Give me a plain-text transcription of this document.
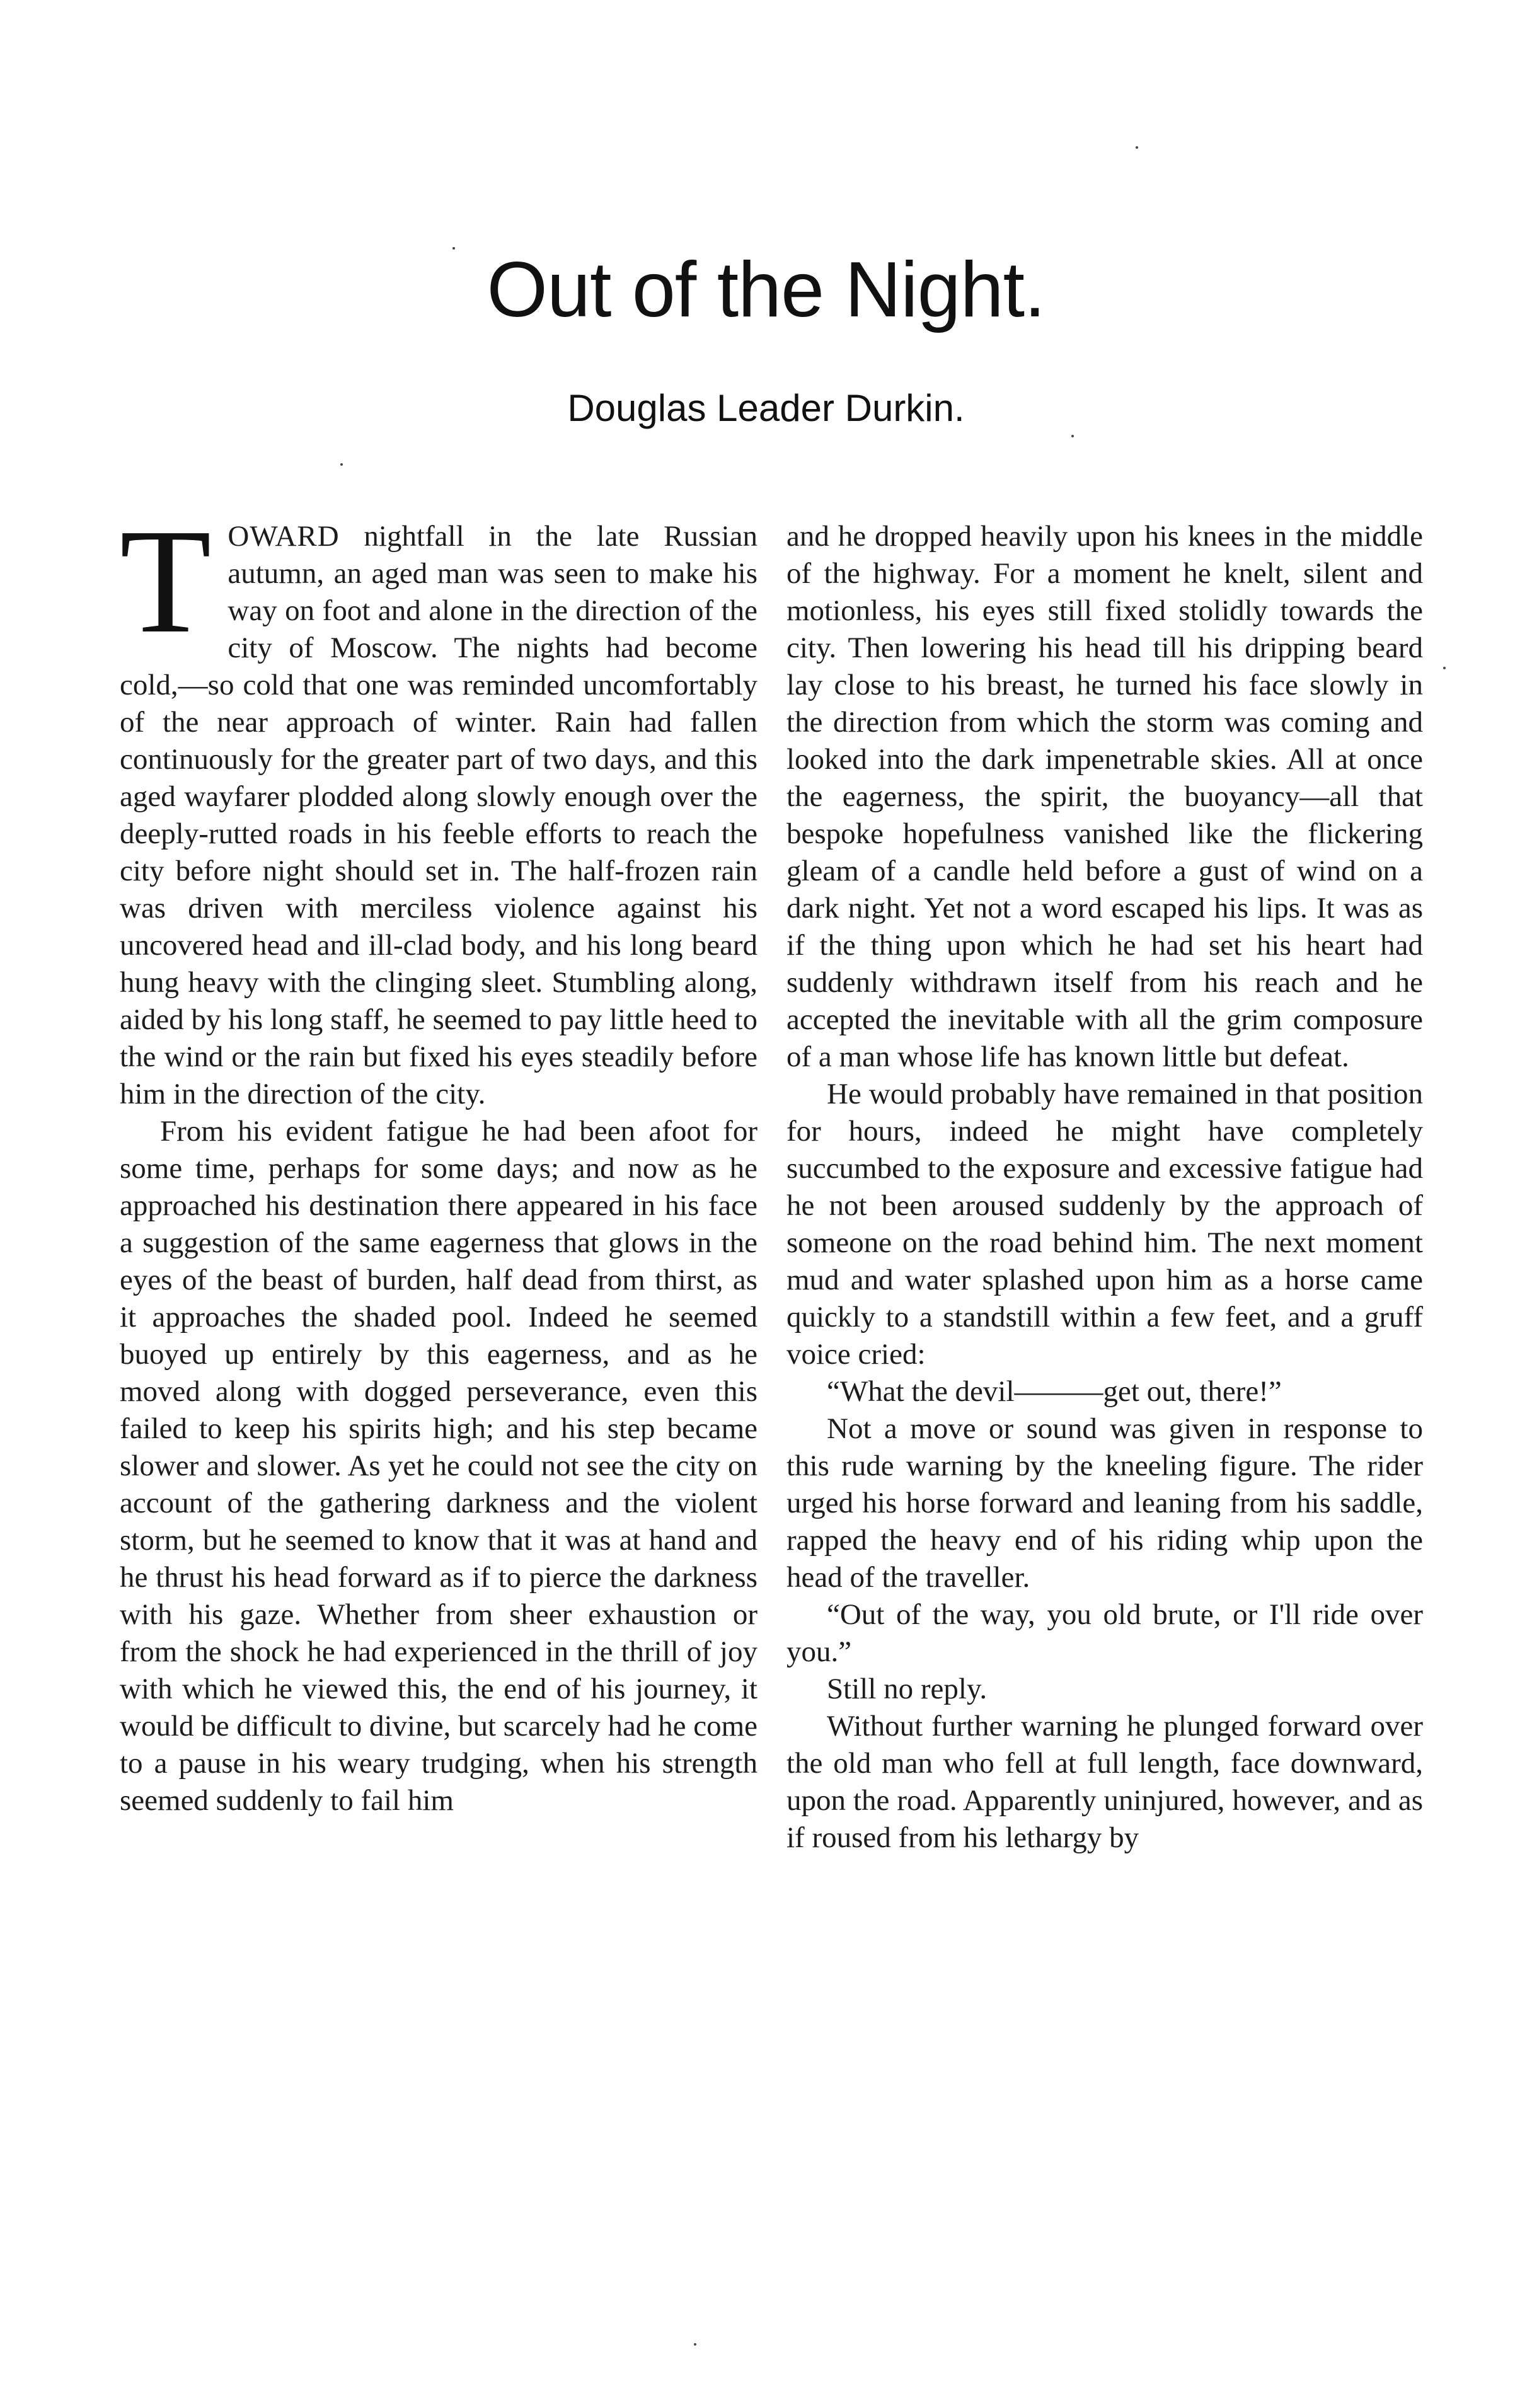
Out of the Night.
Douglas Leader Durkin.

TOWARD nightfall in the late Russian autumn, an aged man was seen to make his way on foot and alone in the direction of the city of Moscow. The nights had become cold,—so cold that one was reminded uncomfortably of the near approach of winter. Rain had fallen continuously for the greater part of two days, and this aged wayfarer plodded along slowly enough over the deeply-rutted roads in his feeble efforts to reach the city before night should set in. The half-frozen rain was driven with merciless violence against his uncovered head and ill-clad body, and his long beard hung heavy with the clinging sleet. Stumbling along, aided by his long staff, he seemed to pay little heed to the wind or the rain but fixed his eyes steadily before him in the direction of the city.

From his evident fatigue he had been afoot for some time, perhaps for some days; and now as he approached his destination there appeared in his face a suggestion of the same eagerness that glows in the eyes of the beast of burden, half dead from thirst, as it approaches the shaded pool. Indeed he seemed buoyed up entirely by this eagerness, and as he moved along with dogged perseverance, even this failed to keep his spirits high; and his step became slower and slower. As yet he could not see the city on account of the gathering darkness and the violent storm, but he seemed to know that it was at hand and he thrust his head forward as if to pierce the darkness with his gaze. Whether from sheer exhaustion or from the shock he had experienced in the thrill of joy with which he viewed this, the end of his journey, it would be difficult to divine, but scarcely had he come to a pause in his weary trudging, when his strength seemed suddenly to fail him

and he dropped heavily upon his knees in the middle of the highway. For a moment he knelt, silent and motionless, his eyes still fixed stolidly towards the city. Then lowering his head till his dripping beard lay close to his breast, he turned his face slowly in the direction from which the storm was coming and looked into the dark impenetrable skies. All at once the eagerness, the spirit, the buoyancy—all that bespoke hopefulness vanished like the flickering gleam of a candle held before a gust of wind on a dark night. Yet not a word escaped his lips. It was as if the thing upon which he had set his heart had suddenly withdrawn itself from his reach and he accepted the inevitable with all the grim composure of a man whose life has known little but defeat.

He would probably have remained in that position for hours, indeed he might have completely succumbed to the exposure and excessive fatigue had he not been aroused suddenly by the approach of someone on the road behind him. The next moment mud and water splashed upon him as a horse came quickly to a standstill within a few feet, and a gruff voice cried:

“What the devil———get out, there!”

Not a move or sound was given in response to this rude warning by the kneeling figure. The rider urged his horse forward and leaning from his saddle, rapped the heavy end of his riding whip upon the head of the traveller.

“Out of the way, you old brute, or I'll ride over you.”

Still no reply.

Without further warning he plunged forward over the old man who fell at full length, face downward, upon the road. Apparently uninjured, however, and as if roused from his lethargy by
